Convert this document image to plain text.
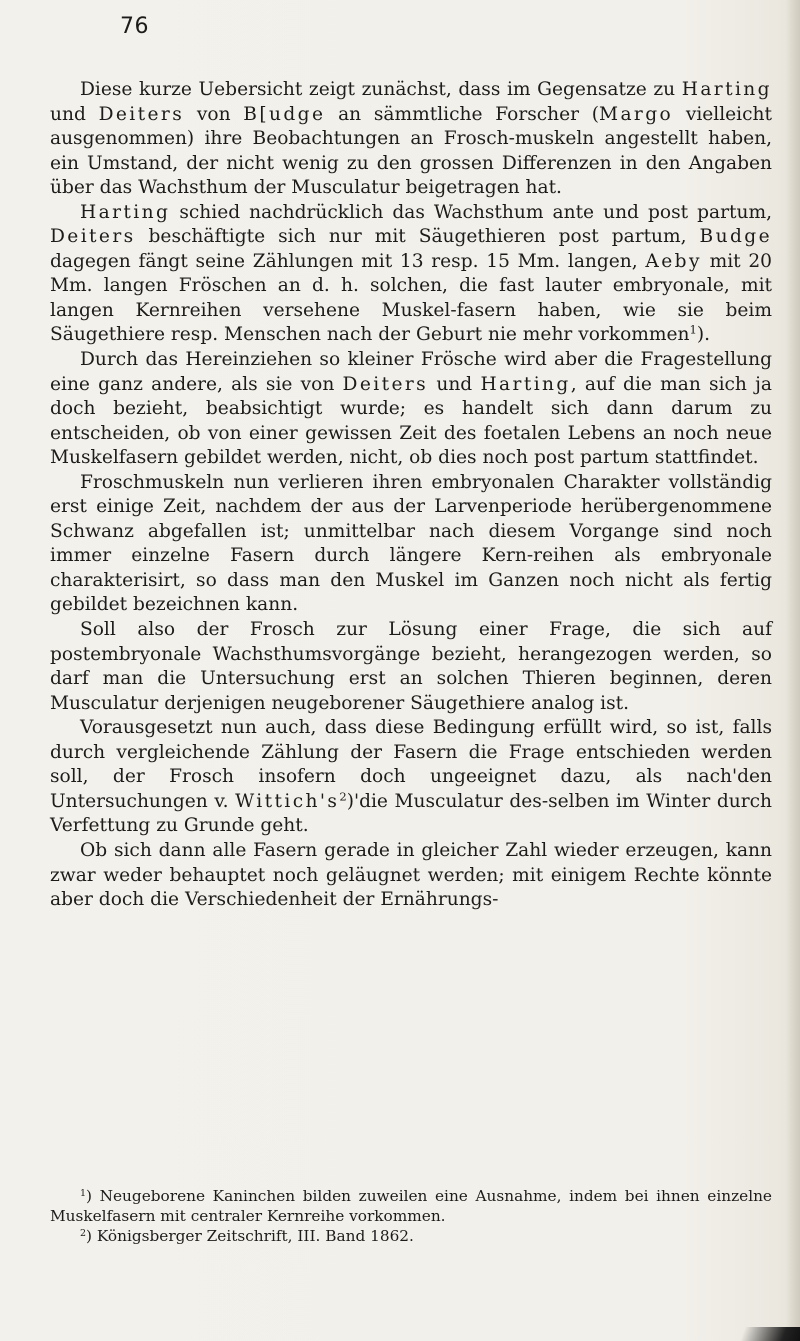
76

Diese kurze Uebersicht zeigt zunächst, dass im Gegensatze zu Harting und Deiters von B[udge an sämmtliche Forscher (Margo vielleicht ausgenommen) ihre Beobachtungen an Frosch-muskeln angestellt haben, ein Umstand, der nicht wenig zu den grossen Differenzen in den Angaben über das Wachsthum der Musculatur beigetragen hat.

Harting schied nachdrücklich das Wachsthum ante und post partum, Deiters beschäftigte sich nur mit Säugethieren post partum, Budge dagegen fängt seine Zählungen mit 13 resp. 15 Mm. langen, Aeby mit 20 Mm. langen Fröschen an d. h. solchen, die fast lauter embryonale, mit langen Kernreihen versehene Muskel-fasern haben, wie sie beim Säugethiere resp. Menschen nach der Geburt nie mehr vorkommen$^1$).

Durch das Hereinziehen so kleiner Frösche wird aber die Fragestellung eine ganz andere, als sie von Deiters und Harting, auf die man sich ja doch bezieht, beabsichtigt wurde; es handelt sich dann darum zu entscheiden, ob von einer gewissen Zeit des foetalen Lebens an noch neue Muskelfasern gebildet werden, nicht, ob dies noch post partum stattfindet.

Froschmuskeln nun verlieren ihren embryonalen Charakter vollständig erst einige Zeit, nachdem der aus der Larvenperiode herübergenommene Schwanz abgefallen ist; unmittelbar nach diesem Vorgange sind noch immer einzelne Fasern durch längere Kern-reihen als embryonale charakterisirt, so dass man den Muskel im Ganzen noch nicht als fertig gebildet bezeichnen kann.

Soll also der Frosch zur Lösung einer Frage, die sich auf postembryonale Wachsthumsvorgänge bezieht, herangezogen werden, so darf man die Untersuchung erst an solchen Thieren beginnen, deren Musculatur derjenigen neugeborener Säugethiere analog ist.

Vorausgesetzt nun auch, dass diese Bedingung erfüllt wird, so ist, falls durch vergleichende Zählung der Fasern die Frage entschieden werden soll, der Frosch insofern doch ungeeignet dazu, als nach'den Untersuchungen v. $Wittich's^2)'die$ Musculatur des-selben im Winter durch Verfettung zu Grunde geht.

Ob sich dann alle Fasern gerade in gleicher Zahl wieder erzeugen, kann zwar weder behauptet noch geläugnet werden; mit einigem Rechte könnte aber doch die Verschiedenheit der Ernährungs-

$^1$) Neugeborene Kaninchen bilden zuweilen eine Ausnahme, indem bei ihnen einzelne Muskelfasern mit centraler Kernreihe vorkommen.

$^2$) Königsberger Zeitschrift, III. Band 1862.
